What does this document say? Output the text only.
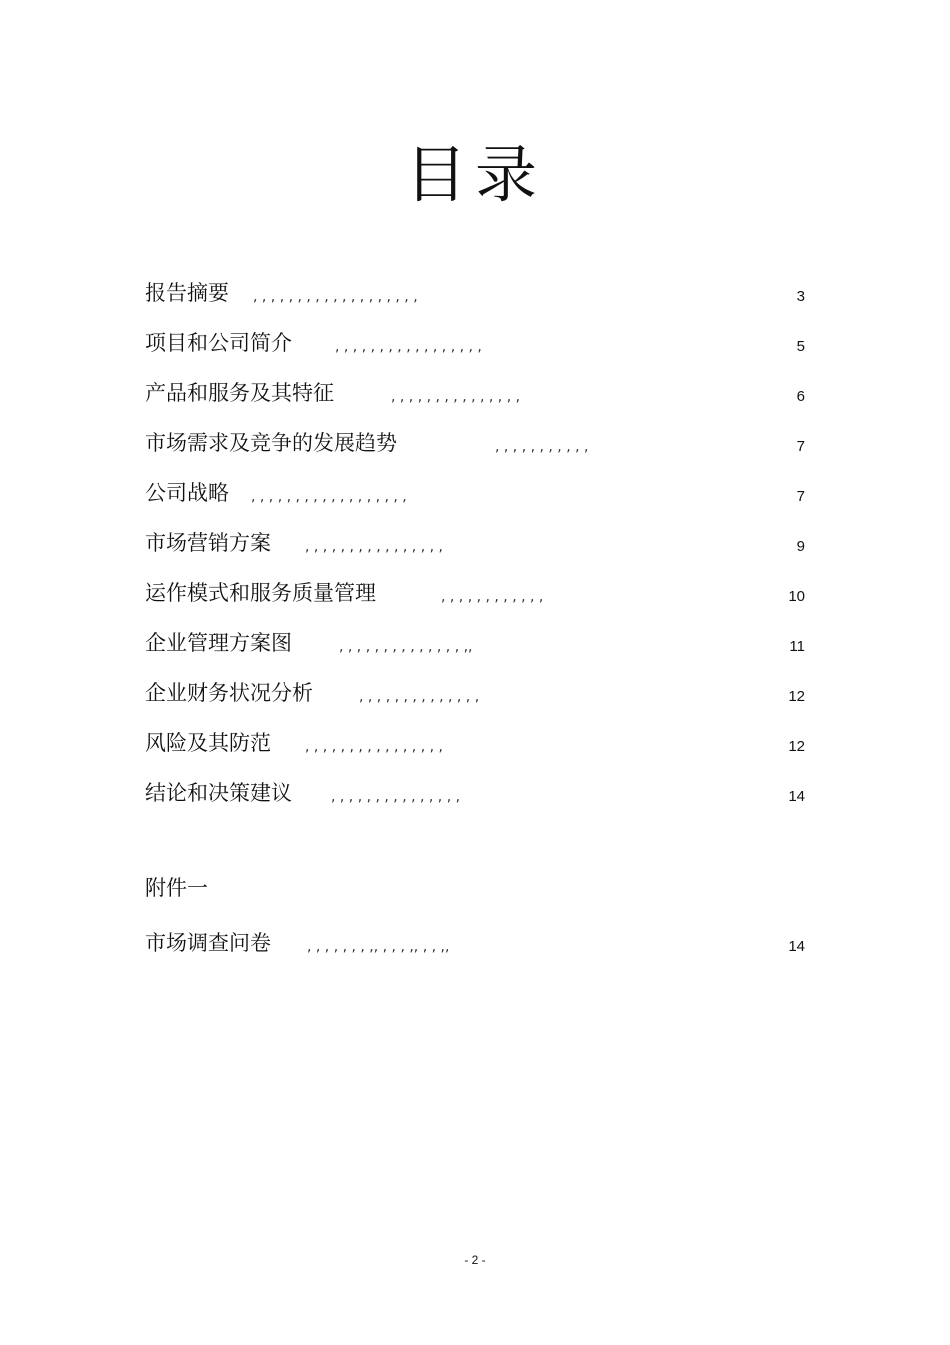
目录
报告摘要 , , , , , , , , , , , , , , , , , , ,	3
项目和公司简介	, , , , , , , , , , , , , , , , ,	5
产品和服务及其特征	, , , , , , , , , , , , , , ,	6
市场需求及竞争的发展趋势	, , , , , , , , , , ,	7
公司战略 , , , , , , , , , , , , , , , , , ,	7
市场营销方案 , , , , , , , , , , , , , , , ,	9
运作模式和服务质量管理	, , , , , , , , , , , ,	10
企业管理方案图	, , , , , , , , , , , , , , ,,	11
企业财务状况分析	, , , , , , , , , , , , , ,	12
风险及其防范 , , , , , , , , , , , , , , , ,	12
结论和决策建议	, , , , , , , , , , , , , , ,	14
附件一
市场调查问卷	, , , , , , , ,, , , , ,, , , ,,	14
- 2 -
